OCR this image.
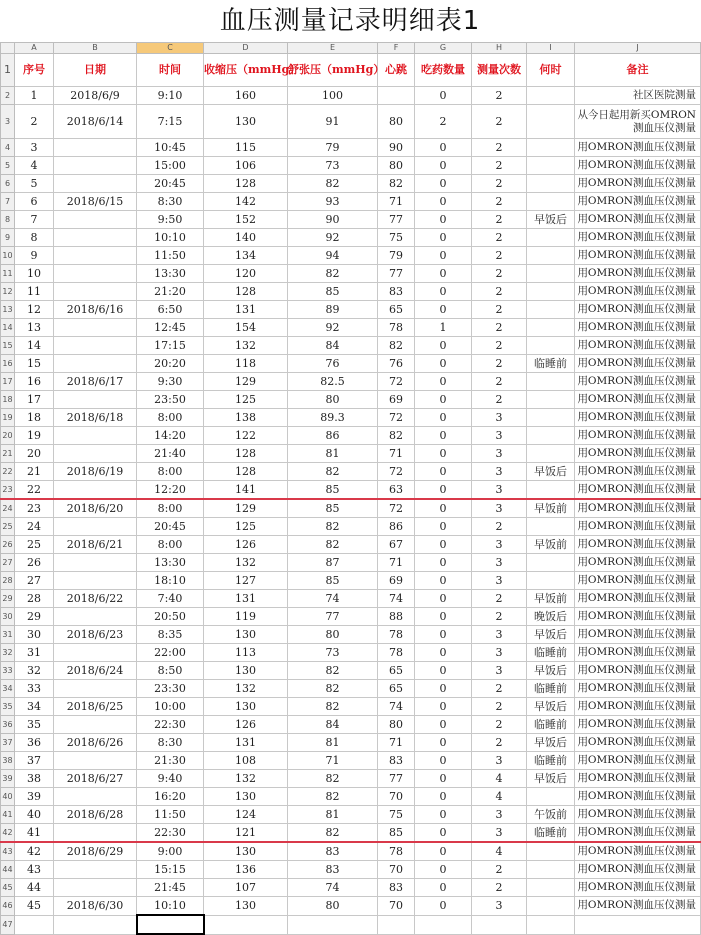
血压测量记录明细表1
	A	B	C	D	E	F	G	H	I	J
1	序号	日期	时间	收缩压（mmHg）	舒张压（mmHg）	心跳	吃药数量	测量次数	何时	备注
2	1	2018/6/9	9:10	160	100		0	2		社区医院测量
3	2	2018/6/14	7:15	130	91	80	2	2		从今日起用新买OMRON测血压仪测量
4	3		10:45	115	79	90	0	2		用OMRON测血压仪测量
5	4		15:00	106	73	80	0	2		用OMRON测血压仪测量
6	5		20:45	128	82	82	0	2		用OMRON测血压仪测量
7	6	2018/6/15	8:30	142	93	71	0	2		用OMRON测血压仪测量
8	7		9:50	152	90	77	0	2	早饭后	用OMRON测血压仪测量
9	8		10:10	140	92	75	0	2		用OMRON测血压仪测量
10	9		11:50	134	94	79	0	2		用OMRON测血压仪测量
11	10		13:30	120	82	77	0	2		用OMRON测血压仪测量
12	11		21:20	128	85	83	0	2		用OMRON测血压仪测量
13	12	2018/6/16	6:50	131	89	65	0	2		用OMRON测血压仪测量
14	13		12:45	154	92	78	1	2		用OMRON测血压仪测量
15	14		17:15	132	84	82	0	2		用OMRON测血压仪测量
16	15		20:20	118	76	76	0	2	临睡前	用OMRON测血压仪测量
17	16	2018/6/17	9:30	129	82.5	72	0	2		用OMRON测血压仪测量
18	17		23:50	125	80	69	0	2		用OMRON测血压仪测量
19	18	2018/6/18	8:00	138	89.3	72	0	3		用OMRON测血压仪测量
20	19		14:20	122	86	82	0	3		用OMRON测血压仪测量
21	20		21:40	128	81	71	0	3		用OMRON测血压仪测量
22	21	2018/6/19	8:00	128	82	72	0	3	早饭后	用OMRON测血压仪测量
23	22		12:20	141	85	63	0	3		用OMRON测血压仪测量
24	23	2018/6/20	8:00	129	85	72	0	3	早饭前	用OMRON测血压仪测量
25	24		20:45	125	82	86	0	2		用OMRON测血压仪测量
26	25	2018/6/21	8:00	126	82	67	0	3	早饭前	用OMRON测血压仪测量
27	26		13:30	132	87	71	0	3		用OMRON测血压仪测量
28	27		18:10	127	85	69	0	3		用OMRON测血压仪测量
29	28	2018/6/22	7:40	131	74	74	0	2	早饭前	用OMRON测血压仪测量
30	29		20:50	119	77	88	0	2	晚饭后	用OMRON测血压仪测量
31	30	2018/6/23	8:35	130	80	78	0	3	早饭后	用OMRON测血压仪测量
32	31		22:00	113	73	78	0	3	临睡前	用OMRON测血压仪测量
33	32	2018/6/24	8:50	130	82	65	0	3	早饭后	用OMRON测血压仪测量
34	33		23:30	132	82	65	0	2	临睡前	用OMRON测血压仪测量
35	34	2018/6/25	10:00	130	82	74	0	2	早饭后	用OMRON测血压仪测量
36	35		22:30	126	84	80	0	2	临睡前	用OMRON测血压仪测量
37	36	2018/6/26	8:30	131	81	71	0	2	早饭后	用OMRON测血压仪测量
38	37		21:30	108	71	83	0	3	临睡前	用OMRON测血压仪测量
39	38	2018/6/27	9:40	132	82	77	0	4	早饭后	用OMRON测血压仪测量
40	39		16:20	130	82	70	0	4		用OMRON测血压仪测量
41	40	2018/6/28	11:50	124	81	75	0	3	午饭前	用OMRON测血压仪测量
42	41		22:30	121	82	85	0	3	临睡前	用OMRON测血压仪测量
43	42	2018/6/29	9:00	130	83	78	0	4		用OMRON测血压仪测量
44	43		15:15	136	83	70	0	2		用OMRON测血压仪测量
45	44		21:45	107	74	83	0	2		用OMRON测血压仪测量
46	45	2018/6/30	10:10	130	80	70	0	3		用OMRON测血压仪测量
47										
